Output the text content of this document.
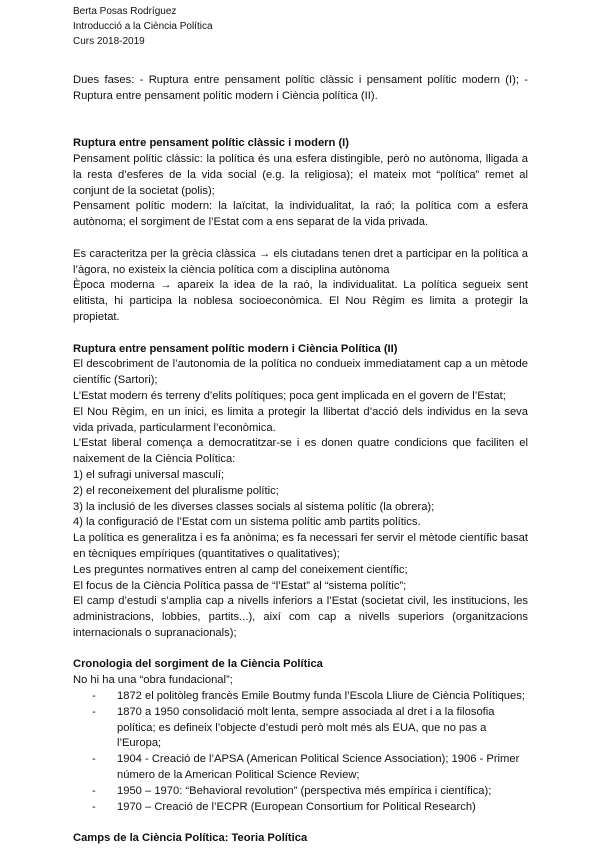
Berta Posas Rodríguez
Introducció a la Ciència Política
Curs 2018-2019

Dues fases: - Ruptura entre pensament polític clàssic i pensament polític modern (I); - Ruptura entre pensament polític modern i Ciència política (II).

Ruptura entre pensament polític clàssic i modern (I)

Pensament polític clàssic: la política és una esfera distingible, però no autònoma, lligada a la resta d’esferes de la vida social (e.g. la religiosa); el mateix mot “política” remet al conjunt de la societat (polis);

Pensament polític modern: la laïcitat, la individualitat, la raó; la política com a esfera autònoma; el sorgiment de l’Estat com a ens separat de la vida privada.

Es caracteritza per la grècia clàssica → els ciutadans tenen dret a participar en la política a l’àgora, no existeix la ciència política com a disciplina autònoma

Època moderna → apareix la idea de la raó, la individualitat. La política segueix sent elitista, hi participa la noblesa socioeconòmica. El Nou Règim es limita a protegir la propietat.

Ruptura entre pensament polític modern i Ciència Política (II)

El descobriment de l’autonomia de la política no condueix immediatament cap a un mètode científic (Sartori);

L’Estat modern és terreny d’elits polítiques; poca gent implicada en el govern de l’Estat;

El Nou Règim, en un inici, es limita a protegir la llibertat d’acció dels individus en la seva vida privada, particularment l’econòmica.

L’Estat liberal comença a democratitzar-se i es donen quatre condicions que faciliten el naixement de la Ciència Política:

1) el sufragi universal masculí;

2) el reconeixement del pluralisme polític;

3) la inclusió de les diverses classes socials al sistema polític (la obrera);

4) la configuració de l’Estat com un sistema polític amb partits polítics.

La política es generalitza i es fa anònima; es fa necessari fer servir el mètode científic basat en tècniques empíriques (quantitatives o qualitatives);

Les preguntes normatives entren al camp del coneixement científic;

El focus de la Ciència Política passa de “l’Estat” al “sistema polític”;

El camp d’estudi s’amplia cap a nivells inferiors a l’Estat (societat civil, les institucions, les administracions, lobbies, partits...), així com cap a nivells superiors (organitzacions internacionals o supranacionals);

Cronologia del sorgiment de la Ciència Política

No hi ha una “obra fundacional”;

- 1872 el politòleg francès Emile Boutmy funda l’Escola Lliure de Ciència Polítiques;
- 1870 a 1950 consolidació molt lenta, sempre associada al dret i a la filosofia política; es defineix l’objecte d’estudi però molt més als EUA, que no pas a l’Europa;
- 1904 - Creació de l’APSA (American Political Science Association); 1906 - Primer número de la American Political Science Review;
- 1950 – 1970: “Behavioral revolution” (perspectiva més empírica i científica);
- 1970 – Creació de l’ECPR (European Consortium for Political Research)
Camps de la Ciència Política: Teoria Política
